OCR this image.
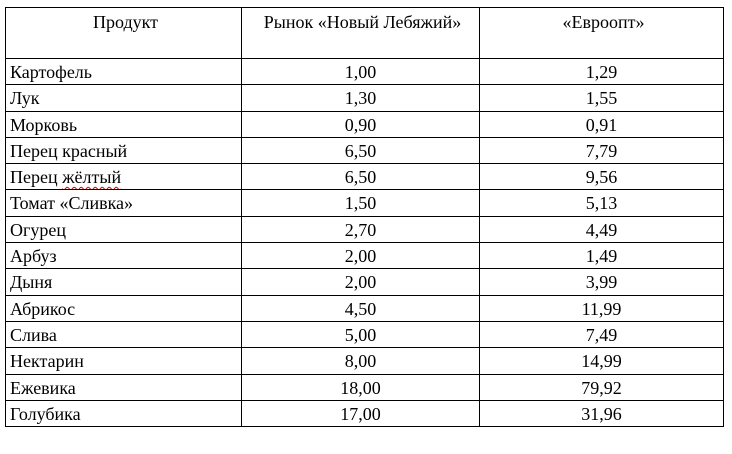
Продукт	Рынок «Новый Лебяжий»	«Евроопт»
Картофель	1,00	1,29
Лук	1,30	1,55
Морковь	0,90	0,91
Перец красный	6,50	7,79
Перец жёлтый	6,50	9,56
Томат «Сливка»	1,50	5,13
Огурец	2,70	4,49
Арбуз	2,00	1,49
Дыня	2,00	3,99
Абрикос	4,50	11,99
Слива	5,00	7,49
Нектарин	8,00	14,99
Ежевика	18,00	79,92
Голубика	17,00	31,96
